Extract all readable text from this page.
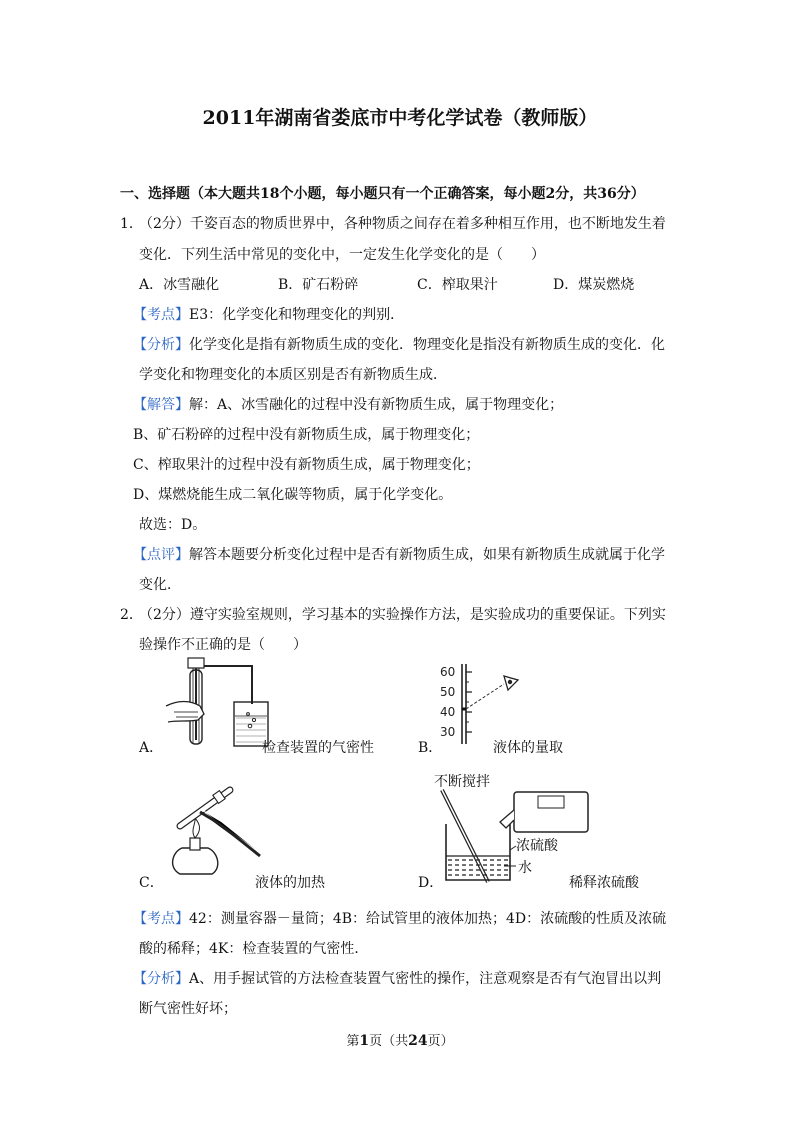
2011年湖南省娄底市中考化学试卷（教师版）
一、选择题（本大题共18个小题，每小题只有一个正确答案，每小题2分，共36分）
1．
（2分）千姿百态的物质世界中，各种物质之间存在着多种相互作用，也不断地发生着
变化．下列生活中常见的变化中，一定发生化学变化的是（　　）
A．冰雪融化	B．矿石粉碎	C．榨取果汁	D．煤炭燃烧
【考点】E3：化学变化和物理变化的判别．
【分析】化学变化是指有新物质生成的变化．物理变化是指没有新物质生成的变化．化
学变化和物理变化的本质区别是否有新物质生成．
【解答】解：A、冰雪融化的过程中没有新物质生成，属于物理变化；
B、矿石粉碎的过程中没有新物质生成，属于物理变化；
C、榨取果汁的过程中没有新物质生成，属于物理变化；
D、煤燃烧能生成二氧化碳等物质，属于化学变化。
故选：D。
【点评】解答本题要分析变化过程中是否有新物质生成，如果有新物质生成就属于化学
变化．
2．
（2分）遵守实验室规则，学习基本的实验操作方法，是实验成功的重要保证。下列实
验操作不正确的是（　　）
A．	检查装置的气密性
60
50
40
30
B．	液体的量取
C．	液体的加热
不断搅拌
浓硫酸
水
D．	稀释浓硫酸
【考点】42：测量容器－量筒；4B：给试管里的液体加热；4D：浓硫酸的性质及浓硫
酸的稀释；4K：检查装置的气密性．
【分析】A、用手握试管的方法检查装置气密性的操作，注意观察是否有气泡冒出以判
断气密性好坏；
第1页（共24页）
